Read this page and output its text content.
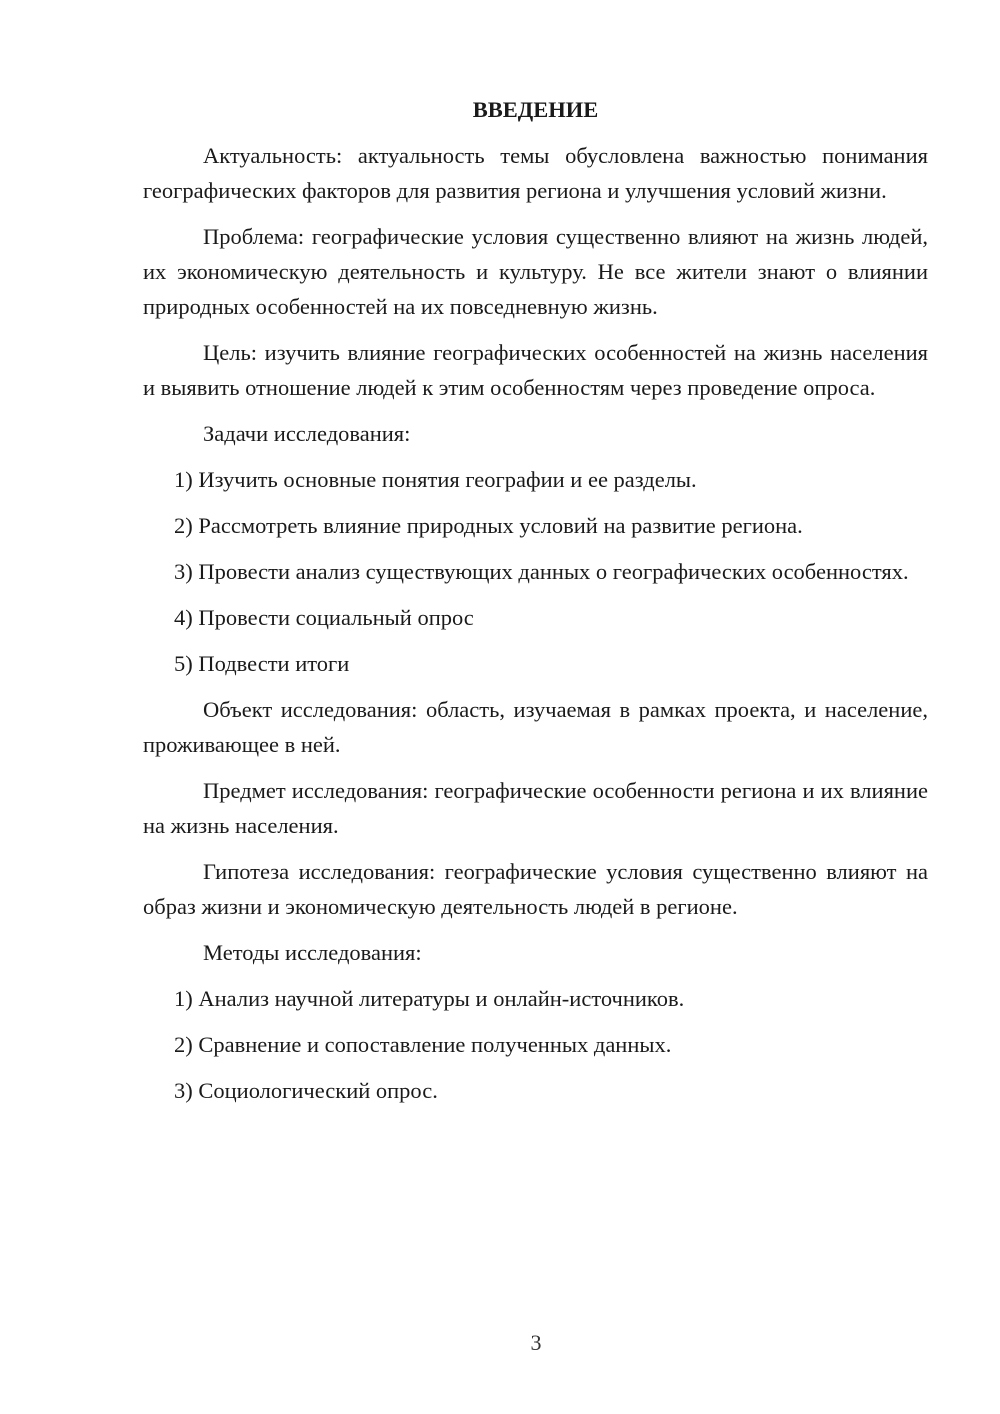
ВВЕДЕНИЕ

Актуальность: актуальность темы обусловлена важностью понимания географических факторов для развития региона и улучшения условий жизни.

Проблема: географические условия существенно влияют на жизнь людей, их экономическую деятельность и культуру. Не все жители знают о влиянии природных особенностей на их повседневную жизнь.

Цель: изучить влияние географических особенностей на жизнь населения и выявить отношение людей к этим особенностям через проведение опроса.

Задачи исследования:

1) Изучить основные понятия географии и ее разделы.

2) Рассмотреть влияние природных условий на развитие региона.

3) Провести анализ существующих данных о географических особенностях.

4) Провести социальный опрос

5) Подвести итоги

Объект исследования: область, изучаемая в рамках проекта, и население, проживающее в ней.

Предмет исследования: географические особенности региона и их влияние на жизнь населения.

Гипотеза исследования: географические условия существенно влияют на образ жизни и экономическую деятельность людей в регионе.

Методы исследования:

1) Анализ научной литературы и онлайн-источников.

2) Сравнение и сопоставление полученных данных.

3) Социологический опрос.

3
